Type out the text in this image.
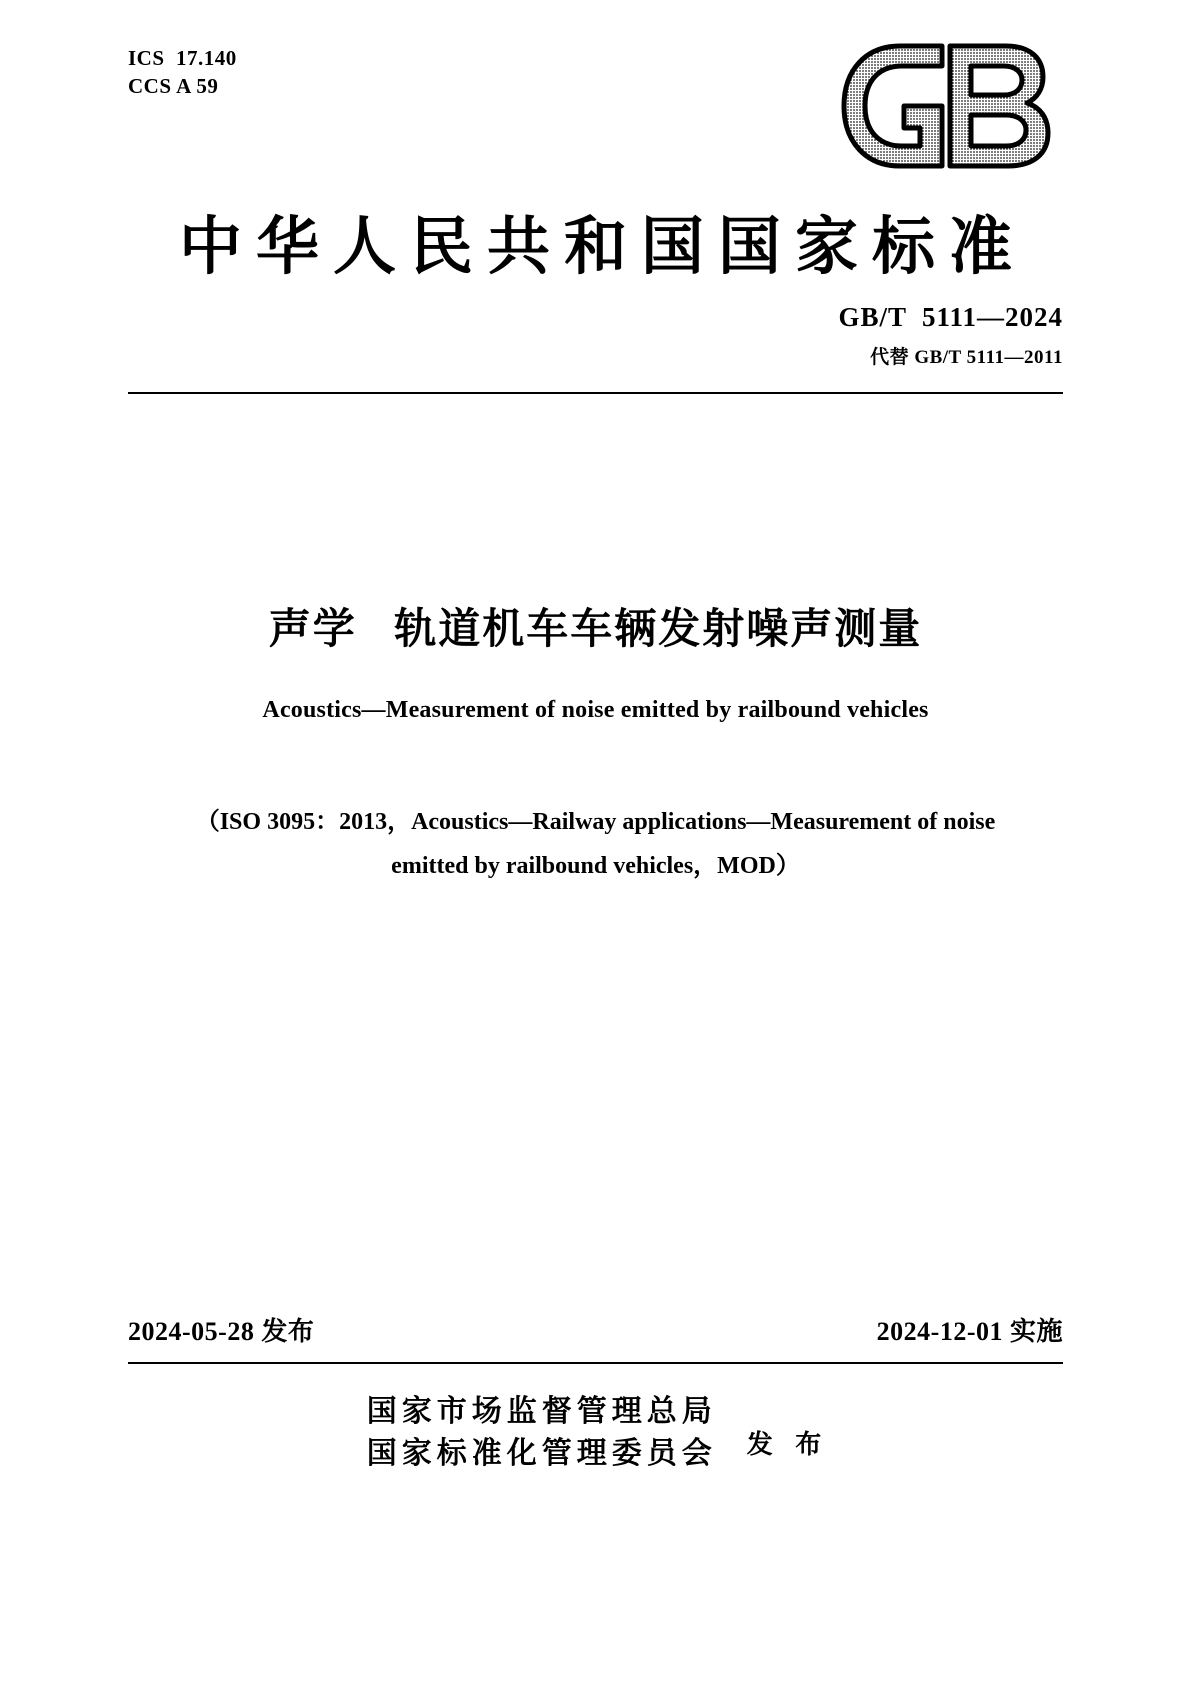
ICS  17.140
CCS A 59
中华人民共和国国家标准
GB/T  5111—2024
代替 GB/T 5111—2011
声学   轨道机车车辆发射噪声测量
Acoustics—Measurement of noise emitted by railbound vehicles
（ISO 3095：2013，Acoustics—Railway applications—Measurement of noise
emitted by railbound vehicles，MOD）
2024-05-28 发布	2024-12-01 实施
国家市场监督管理总局
国家标准化管理委员会	发 布
